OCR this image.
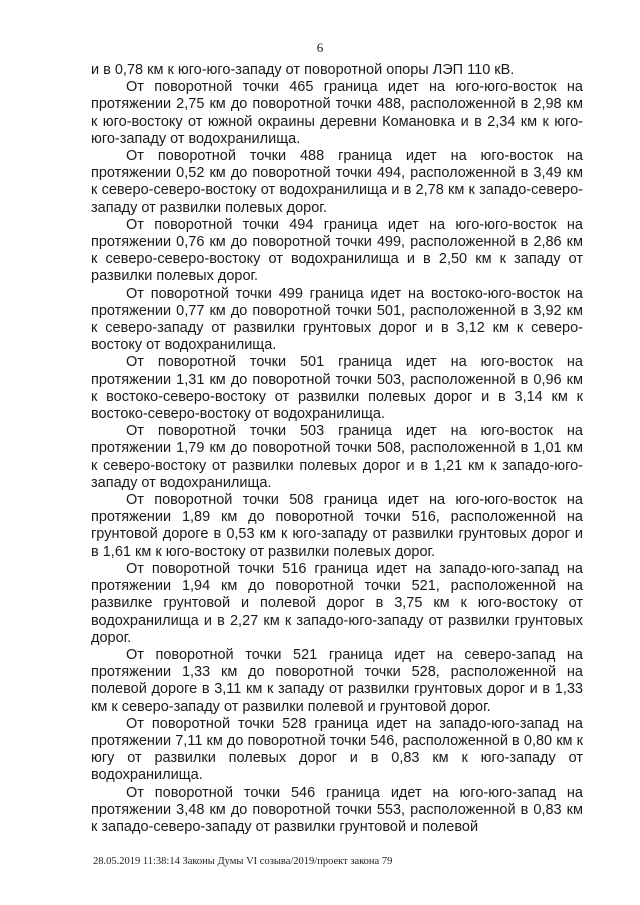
6

и в 0,78 км к юго-юго-западу от поворотной опоры ЛЭП 110 кВ.

От поворотной точки 465 граница идет на юго-юго-восток на протяжении 2,75 км до поворотной точки 488, расположенной в 2,98 км к юго-востоку от южной окраины деревни Комановка и в 2,34 км к юго-юго-западу от водохранилища.

От поворотной точки 488 граница идет на юго-восток на протяжении 0,52 км до поворотной точки 494, расположенной в 3,49 км к северо-северо-востоку от водохранилища и в 2,78 км к западо-северо-западу от развилки полевых дорог.

От поворотной точки 494 граница идет на юго-юго-восток на протяжении 0,76 км до поворотной точки 499, расположенной в 2,86 км к северо-северо-востоку от водохранилища и в 2,50 км к западу от развилки полевых дорог.

От поворотной точки 499 граница идет на востоко-юго-восток на протяжении 0,77 км до поворотной точки 501, расположенной в 3,92 км к северо-западу от развилки грунтовых дорог и в 3,12 км к северо-востоку от водохранилища.

От поворотной точки 501 граница идет на юго-восток на протяжении 1,31 км до поворотной точки 503, расположенной в 0,96 км к востоко-северо-востоку от развилки полевых дорог и в 3,14 км к востоко-северо-востоку от водохранилища.

От поворотной точки 503 граница идет на юго-восток на протяжении 1,79 км до поворотной точки 508, расположенной в 1,01 км к северо-востоку от развилки полевых дорог и в 1,21 км к западо-юго-западу от водохранилища.

От поворотной точки 508 граница идет на юго-юго-восток на протяжении 1,89 км до поворотной точки 516, расположенной на грунтовой дороге в 0,53 км к юго-западу от развилки грунтовых дорог и в 1,61 км к юго-востоку от развилки полевых дорог.

От поворотной точки 516 граница идет на западо-юго-запад на протяжении 1,94 км до поворотной точки 521, расположенной на развилке грунтовой и полевой дорог в 3,75 км к юго-востоку от водохранилища и в 2,27 км к западо-юго-западу от развилки грунтовых дорог.

От поворотной точки 521 граница идет на северо-запад на протяжении 1,33 км до поворотной точки 528, расположенной на полевой дороге в 3,11 км к западу от развилки грунтовых дорог и в 1,33 км к северо-западу от развилки полевой и грунтовой дорог.

От поворотной точки 528 граница идет на западо-юго-запад на протяжении 7,11 км до поворотной точки 546, расположенной в 0,80 км к югу от развилки полевых дорог и в 0,83 км к юго-западу от водохранилища.

От поворотной точки 546 граница идет на юго-юго-запад на протяжении 3,48 км до поворотной точки 553, расположенной в 0,83 км к западо-северо-западу от развилки грунтовой и полевой

28.05.2019 11:38:14 Законы Думы VI созыва/2019/проект закона 79
